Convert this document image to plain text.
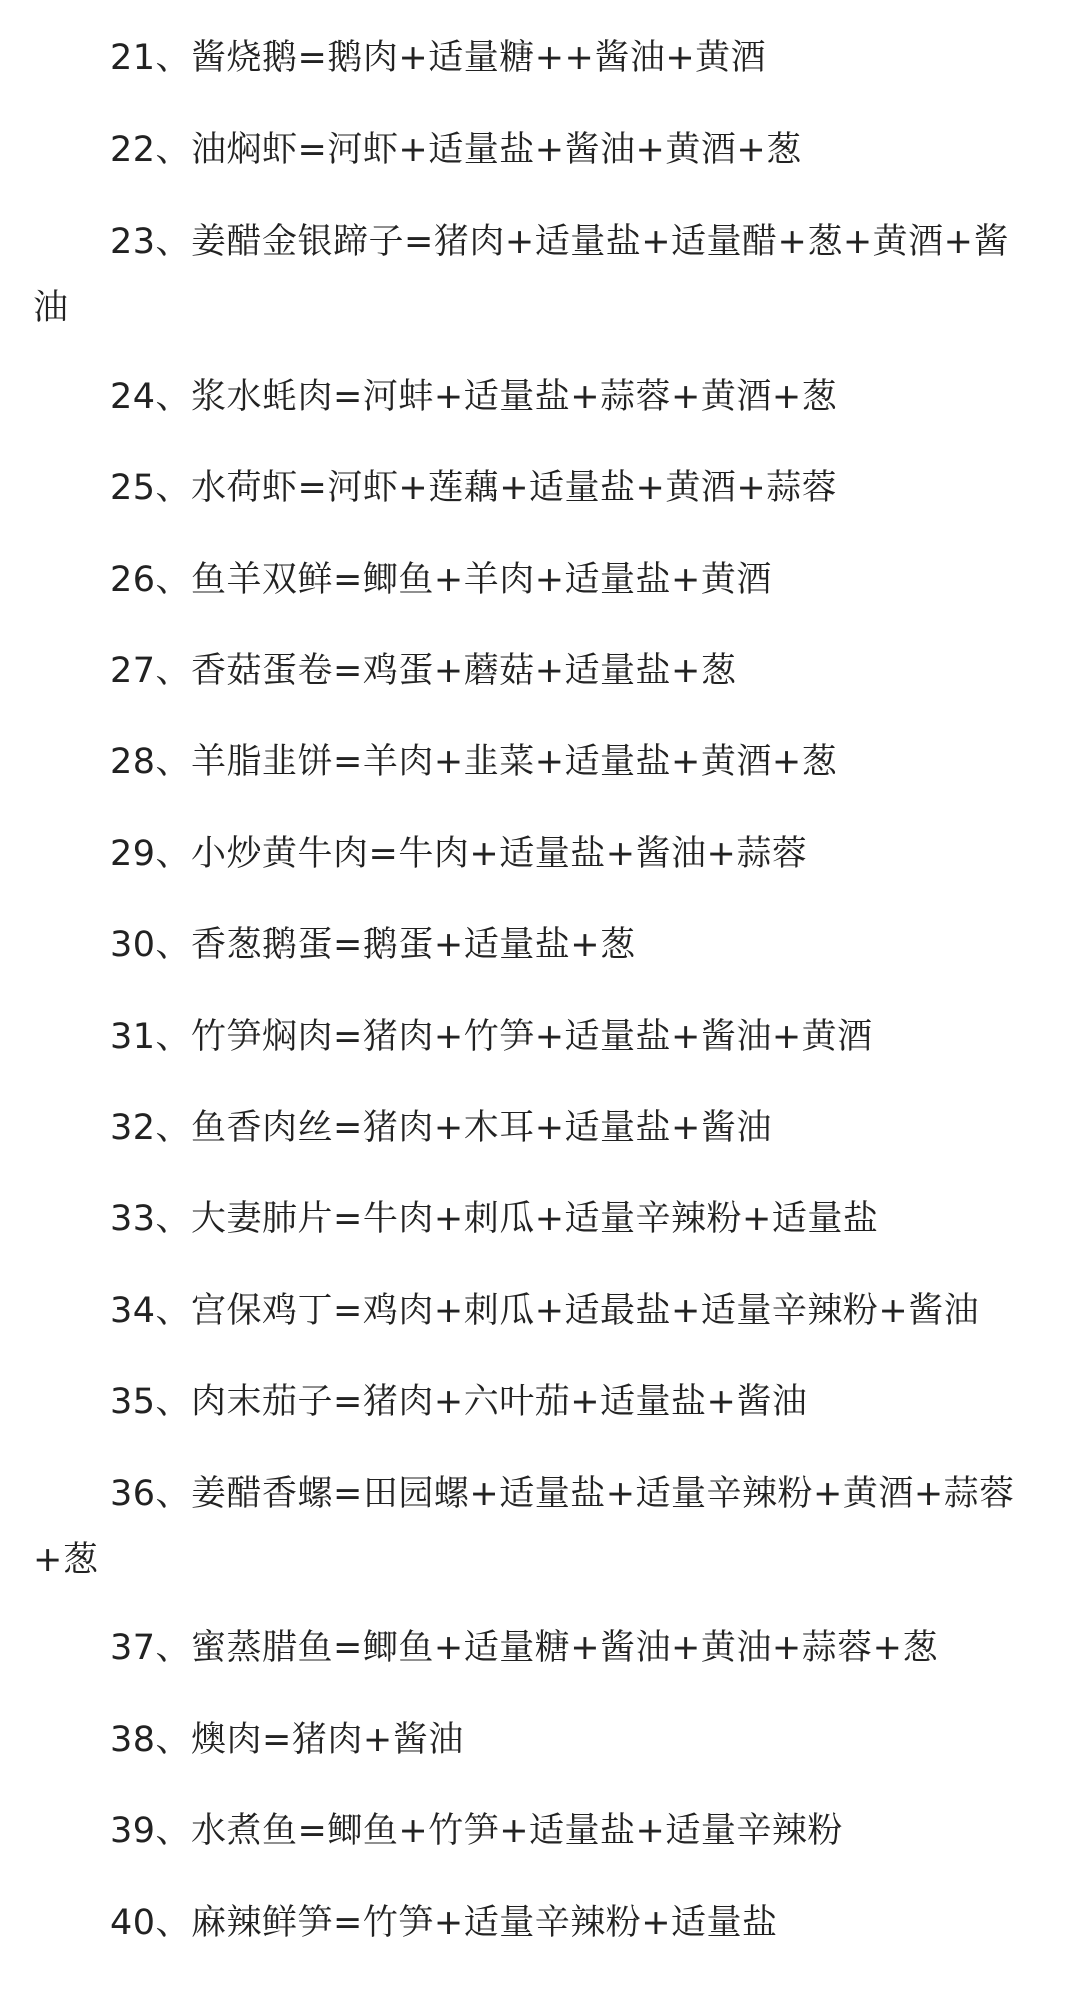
21、酱烧鹅=鹅肉+适量糖++酱油+黄酒

22、油焖虾=河虾+适量盐+酱油+黄酒+葱

23、姜醋金银蹄子=猪肉+适量盐+适量醋+葱+黄酒+酱油

24、浆水蚝肉=河蚌+适量盐+蒜蓉+黄酒+葱

25、水荷虾=河虾+莲藕+适量盐+黄酒+蒜蓉

26、鱼羊双鲜=鲫鱼+羊肉+适量盐+黄酒

27、香菇蛋卷=鸡蛋+蘑菇+适量盐+葱

28、羊脂韭饼=羊肉+韭菜+适量盐+黄酒+葱

29、小炒黄牛肉=牛肉+适量盐+酱油+蒜蓉

30、香葱鹅蛋=鹅蛋+适量盐+葱

31、竹笋焖肉=猪肉+竹笋+适量盐+酱油+黄酒

32、鱼香肉丝=猪肉+木耳+适量盐+酱油

33、大妻肺片=牛肉+刺瓜+适量辛辣粉+适量盐

34、宫保鸡丁=鸡肉+刺瓜+适最盐+适量辛辣粉+酱油

35、肉末茄子=猪肉+六叶茄+适量盐+酱油

36、姜醋香螺=田园螺+适量盐+适量辛辣粉+黄酒+蒜蓉+葱

37、蜜蒸腊鱼=鲫鱼+适量糖+酱油+黄油+蒜蓉+葱

38、燠肉=猪肉+酱油

39、水煮鱼=鲫鱼+竹笋+适量盐+适量辛辣粉

40、麻辣鲜笋=竹笋+适量辛辣粉+适量盐
